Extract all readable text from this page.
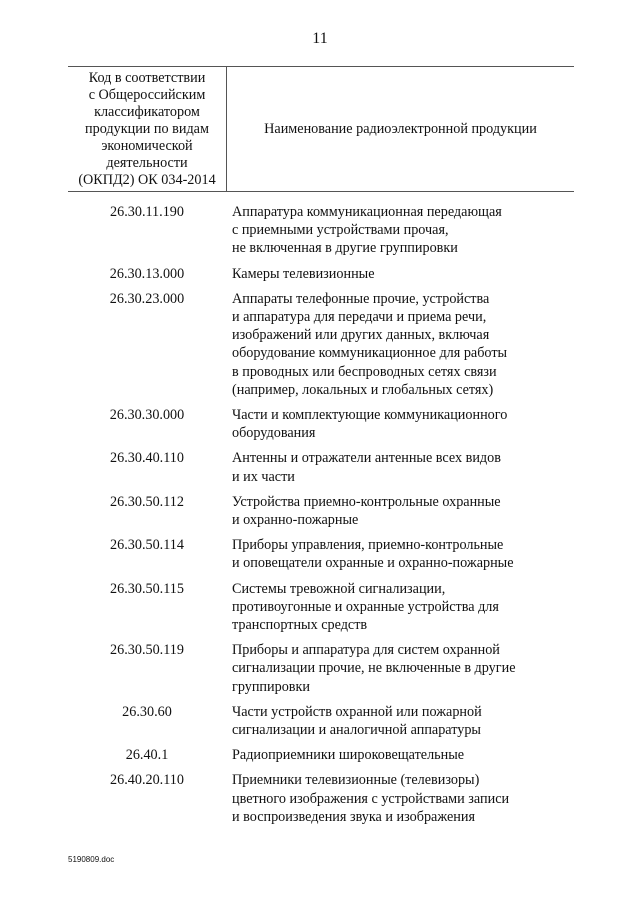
11
Код в соответствии
с Общероссийским
классификатором
продукции по видам
экономической
деятельности
(ОКПД2) ОК 034-2014
Наименование радиоэлектронной продукции
26.30.11.190	Аппаратура коммуникационная передающая
с приемными устройствами прочая,
не включенная в другие группировки
26.30.13.000	Камеры телевизионные
26.30.23.000	Аппараты телефонные прочие, устройства
и аппаратура для передачи и приема речи,
изображений или других данных, включая
оборудование коммуникационное для работы
в проводных или беспроводных сетях связи
(например, локальных и глобальных сетях)
26.30.30.000	Части и комплектующие коммуникационного
оборудования
26.30.40.110	Антенны и отражатели антенные всех видов
и их части
26.30.50.112	Устройства приемно-контрольные охранные
и охранно-пожарные
26.30.50.114	Приборы управления, приемно-контрольные
и оповещатели охранные и охранно-пожарные
26.30.50.115	Системы тревожной сигнализации,
противоугонные и охранные устройства для
транспортных средств
26.30.50.119	Приборы и аппаратура для систем охранной
сигнализации прочие, не включенные в другие
группировки
26.30.60	Части устройств охранной или пожарной
сигнализации и аналогичной аппаратуры
26.40.1	Радиоприемники широковещательные
26.40.20.110	Приемники телевизионные (телевизоры)
цветного изображения с устройствами записи
и воспроизведения звука и изображения
5190809.doc
